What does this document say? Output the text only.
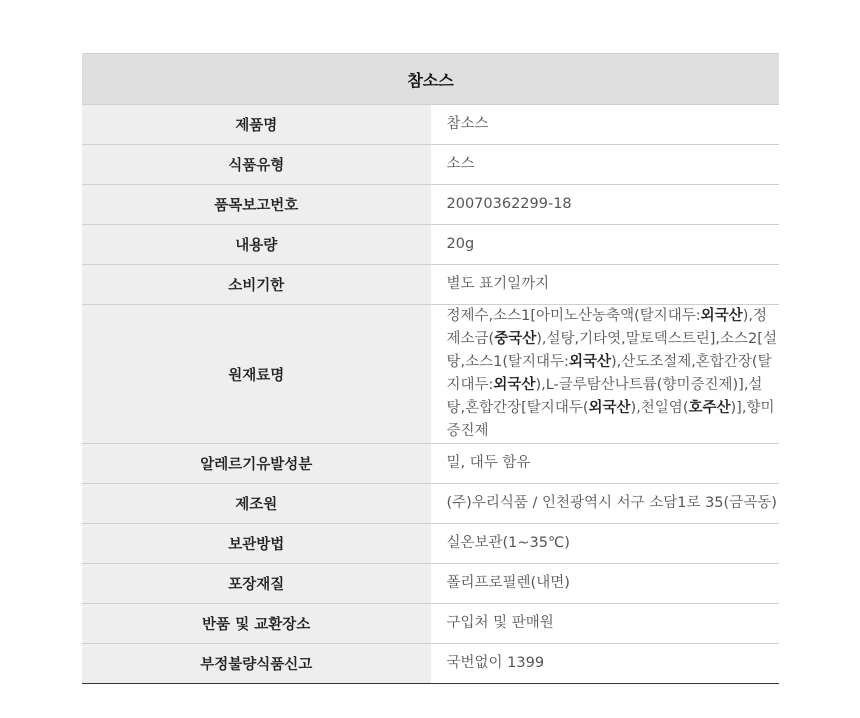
참소스	
제품명	참소스
식품유형	소스
품목보고번호	20070362299-18
내용량	20g
소비기한	별도 표기일까지
원재료명	정제수,소스1[아미노산농축액(탈지대두:외국산),정제소금(중국산),설탕,기타엿,말토덱스트린],소스2[설탕,소스1(탈지대두:외국산),산도조절제,혼합간장(탈지대두:외국산),L-글루탐산나트륨(향미증진제)],설탕,혼합간장[탈지대두(외국산),천일염(호주산)],향미증진제
알레르기유발성분	밀, 대두 함유
제조원	(주)우리식품 / 인천광역시 서구 소담1로 35(금곡동)
보관방법	실온보관(1~35℃)
포장재질	폴리프로필렌(내면)
반품 및 교환장소	구입처 및 판매원
부정불량식품신고	국번없이 1399
